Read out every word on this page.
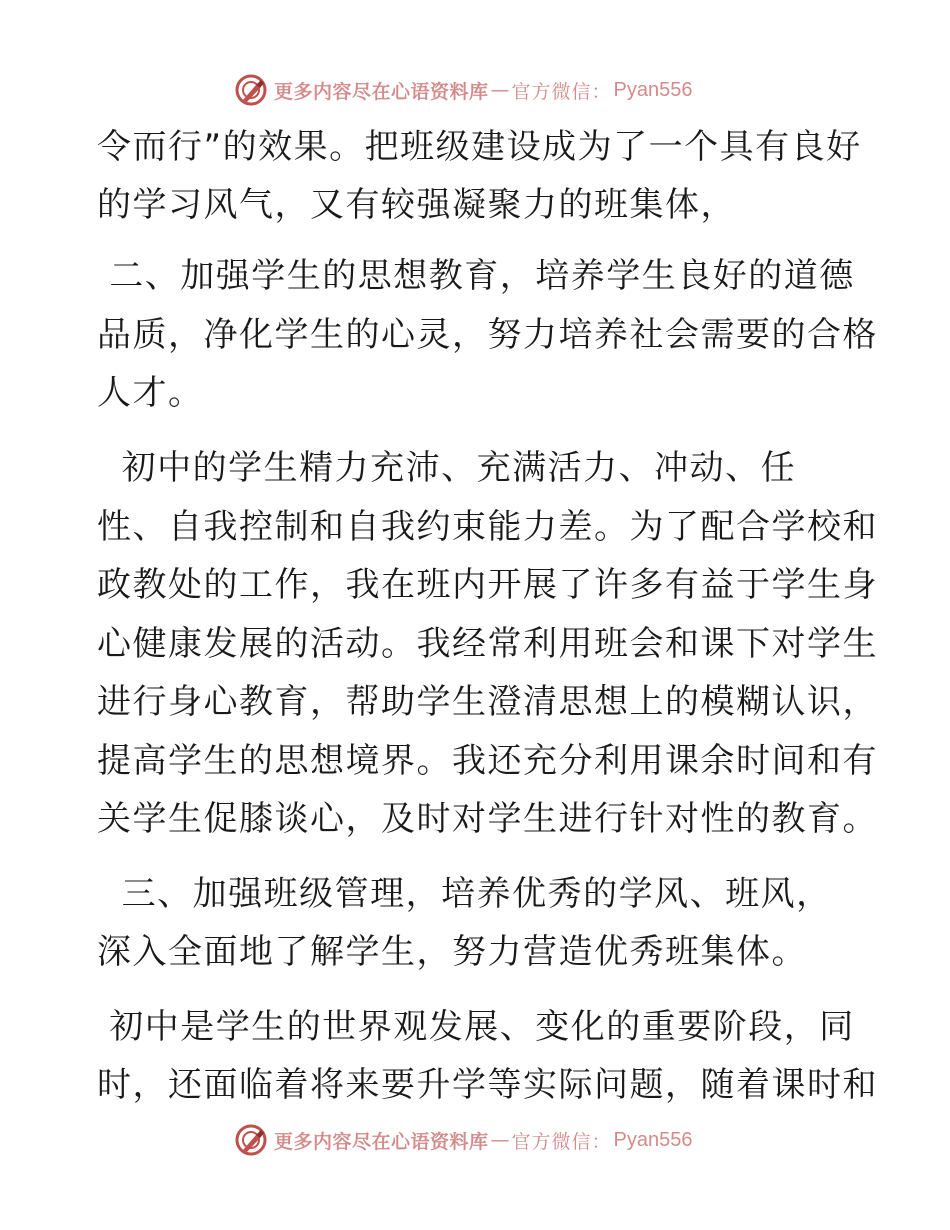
更多内容尽在心语资料库 — 官方微信： Pyan556
令而行”的效果。把班级建设成为了一个具有良好
的学习风气，又有较强凝聚力的班集体，
二、加强学生的思想教育，培养学生良好的道德
品质，净化学生的心灵，努力培养社会需要的合格
人才。
初中的学生精力充沛、充满活力、冲动、任
性、自我控制和自我约束能力差。为了配合学校和
政教处的工作，我在班内开展了许多有益于学生身
心健康发展的活动。我经常利用班会和课下对学生
进行身心教育，帮助学生澄清思想上的模糊认识，
提高学生的思想境界。我还充分利用课余时间和有
关学生促膝谈心，及时对学生进行针对性的教育。
三、加强班级管理，培养优秀的学风、班风，
深入全面地了解学生，努力营造优秀班集体。
初中是学生的世界观发展、变化的重要阶段，同
时，还面临着将来要升学等实际问题，随着课时和
更多内容尽在心语资料库 — 官方微信： Pyan556
